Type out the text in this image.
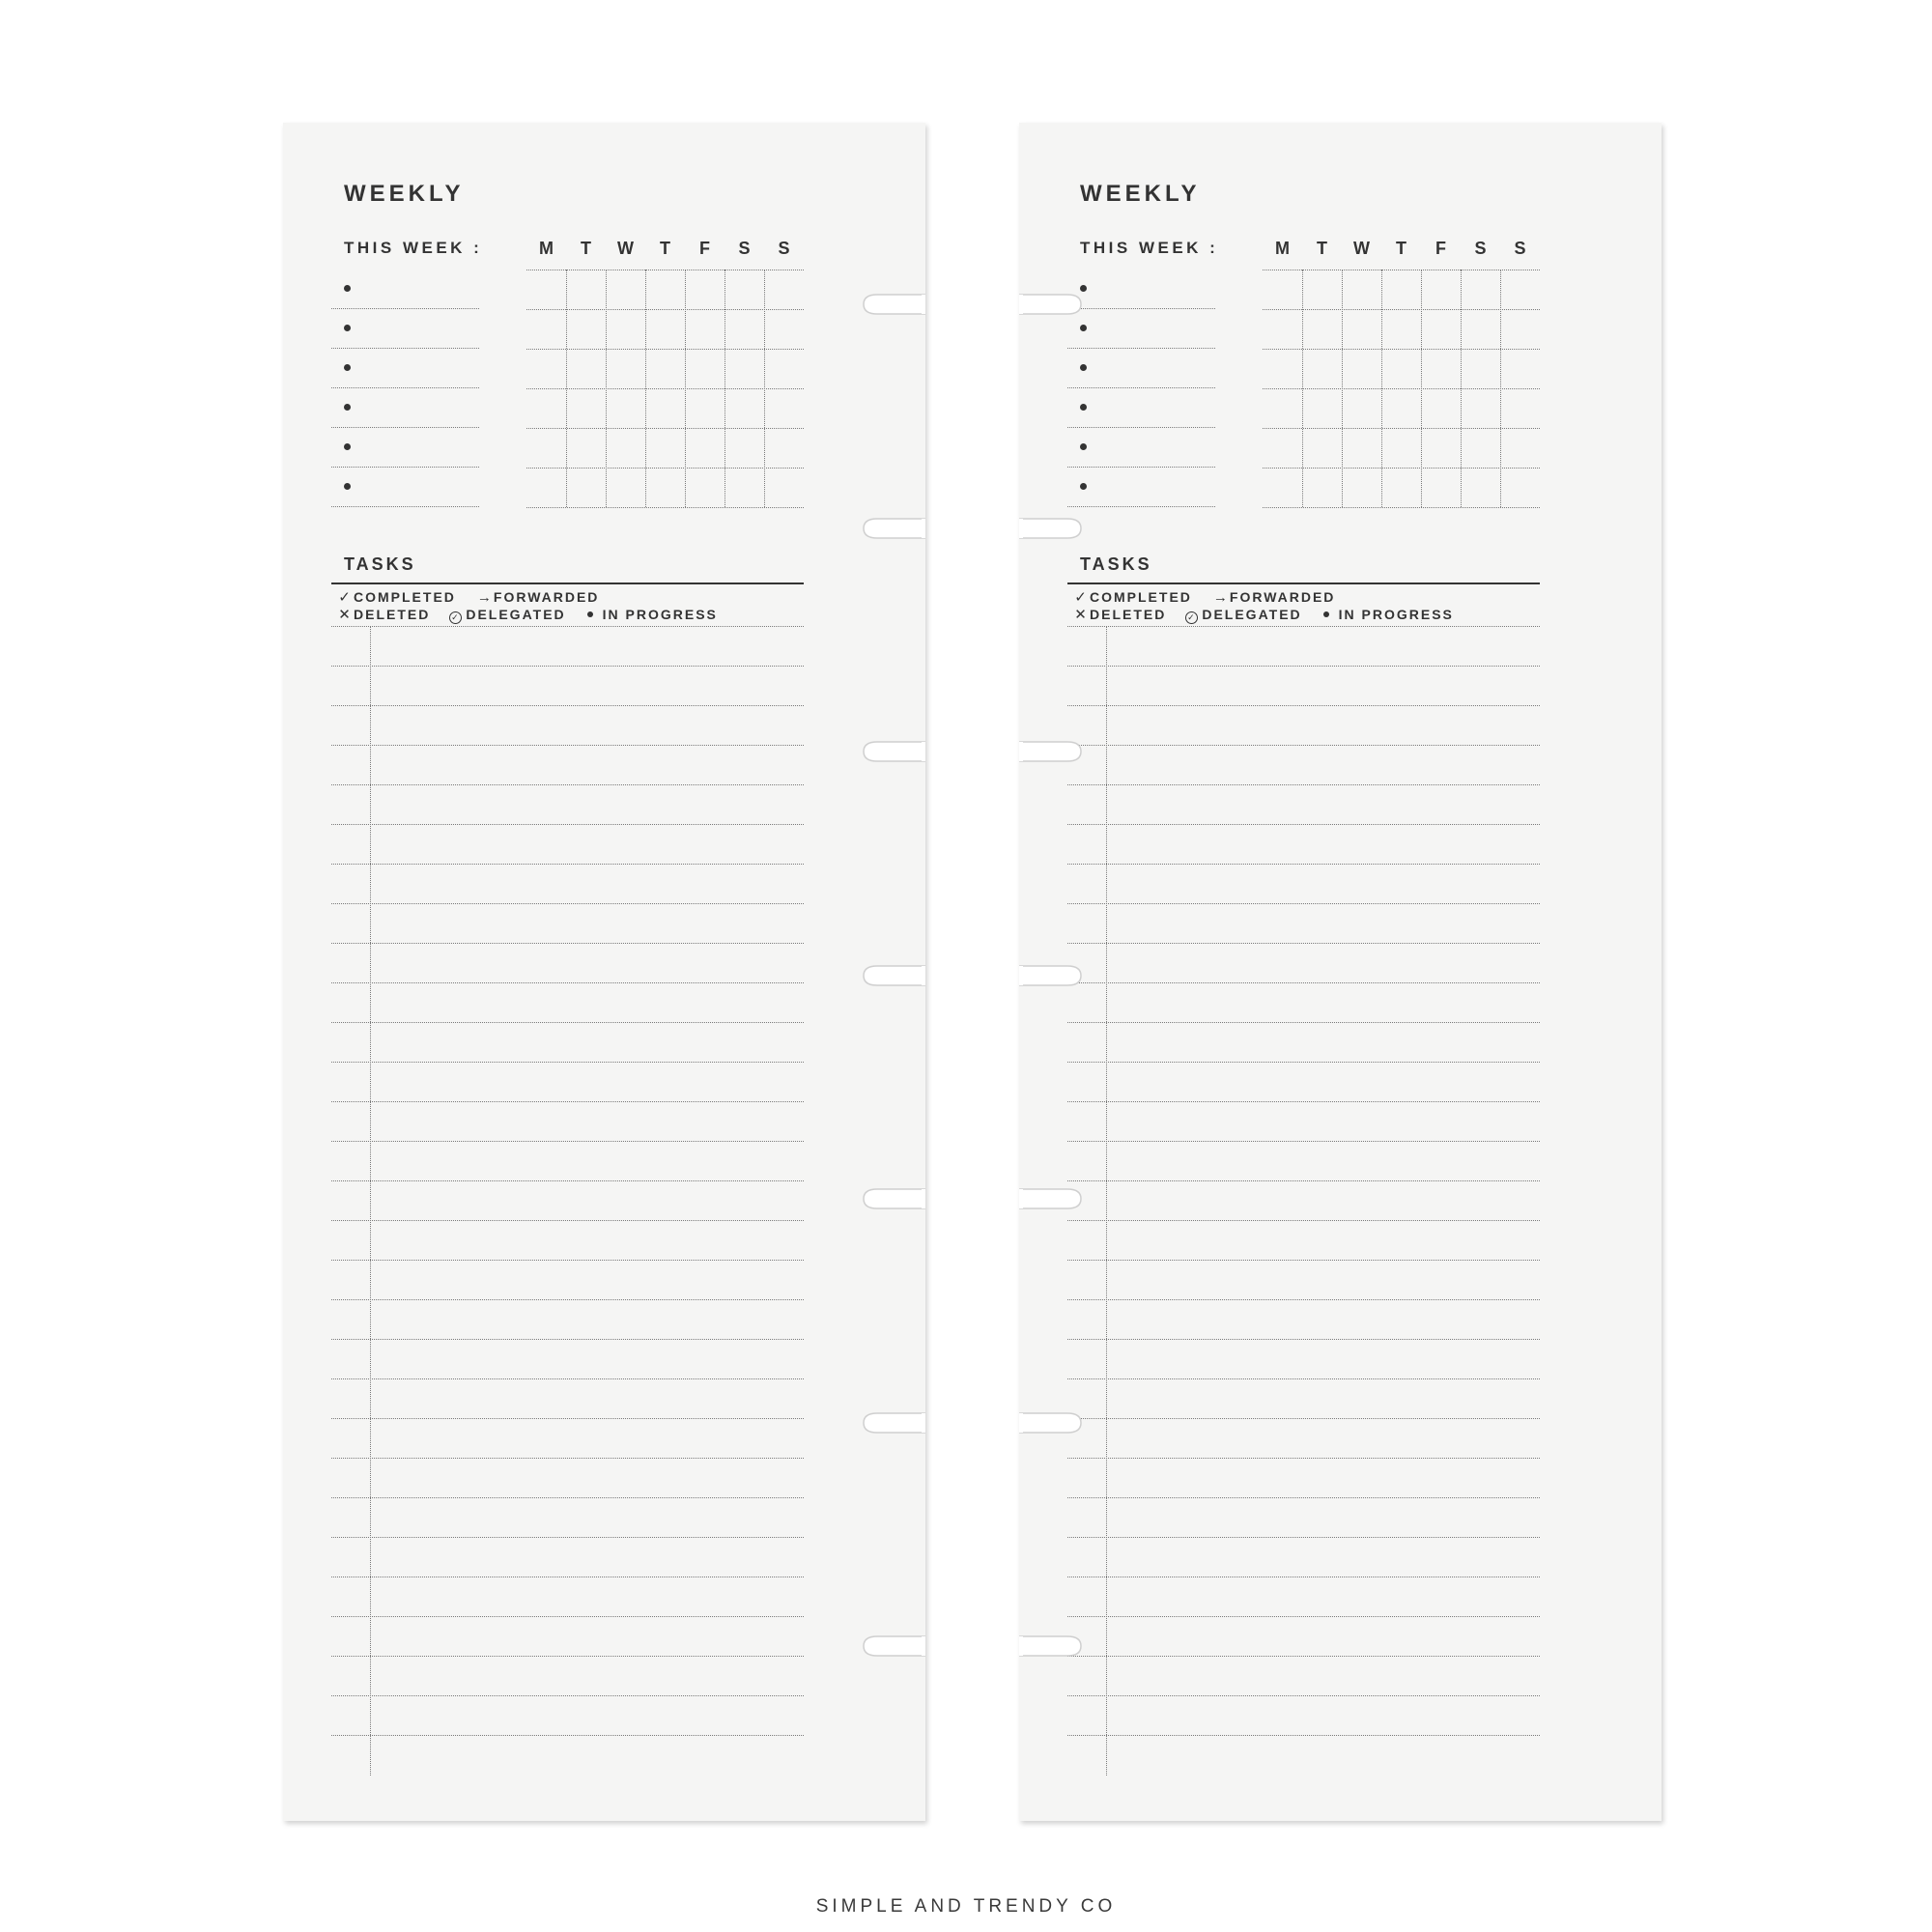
WEEKLY
THIS WEEK :	M	T	W	T	F	S	S
TASKS
✓COMPLETED →FORWARDED
✕DELETED ✓ DELEGATED	IN PROGRESS
WEEKLY
THIS WEEK :	M	T	W	T	F	S	S
TASKS
✓COMPLETED →FORWARDED
✕DELETED ✓ DELEGATED	IN PROGRESS
SIMPLE AND TRENDY CO
